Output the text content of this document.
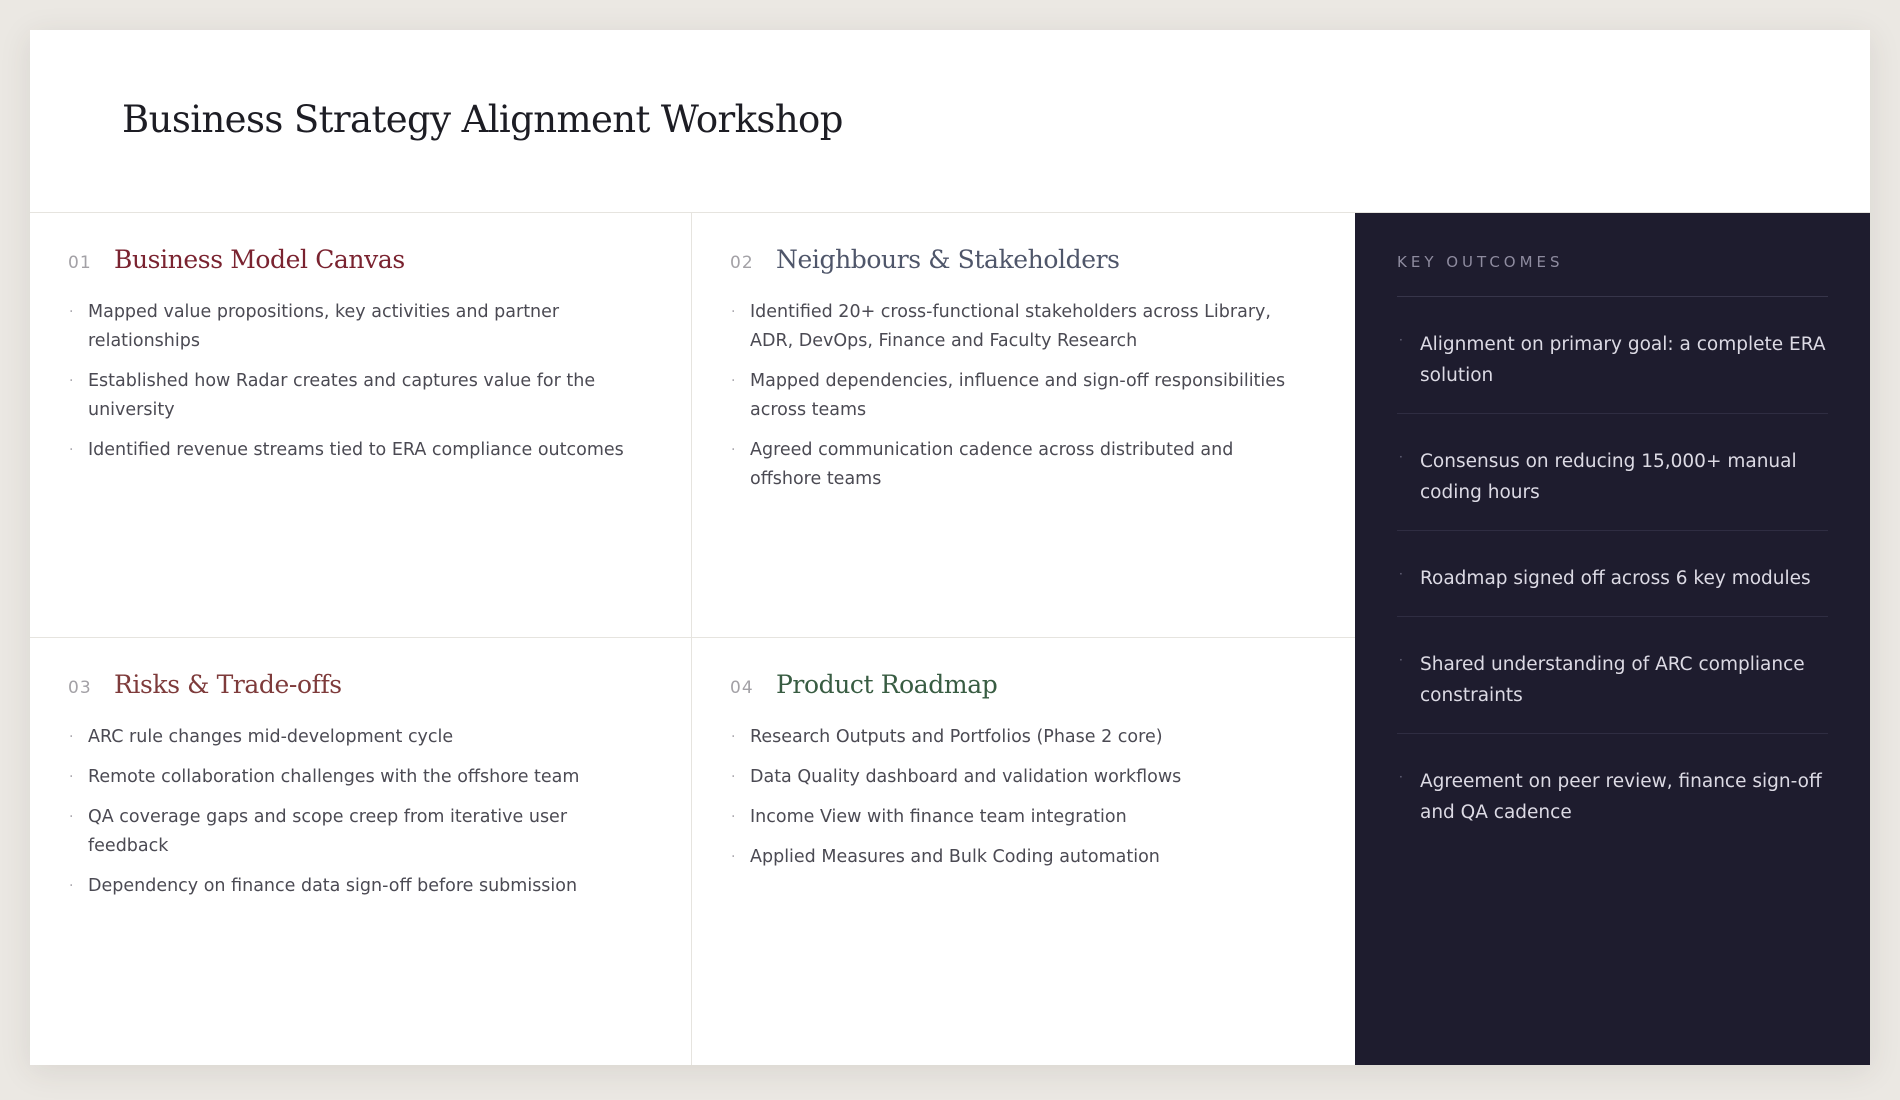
Business Strategy Alignment Workshop
01 Business Model Canvas
· Mapped value propositions, key activities and partner relationships
· Established how Radar creates and captures value for the university
· Identified revenue streams tied to ERA compliance outcomes
02 Neighbours & Stakeholders
· Identified 20+ cross-functional stakeholders across Library, ADR, DevOps, Finance and Faculty Research
· Mapped dependencies, influence and sign-off responsibilities across teams
· Agreed communication cadence across distributed and offshore teams
03 Risks & Trade-offs
· ARC rule changes mid-development cycle
· Remote collaboration challenges with the offshore team
· QA coverage gaps and scope creep from iterative user feedback
· Dependency on finance data sign-off before submission
04 Product Roadmap
· Research Outputs and Portfolios (Phase 2 core)
· Data Quality dashboard and validation workflows
· Income View with finance team integration
· Applied Measures and Bulk Coding automation
KEY OUTCOMES
· Alignment on primary goal: a complete ERA solution
· Consensus on reducing 15,000+ manual coding hours
· Roadmap signed off across 6 key modules
· Shared understanding of ARC compliance constraints
· Agreement on peer review, finance sign-off and QA cadence
